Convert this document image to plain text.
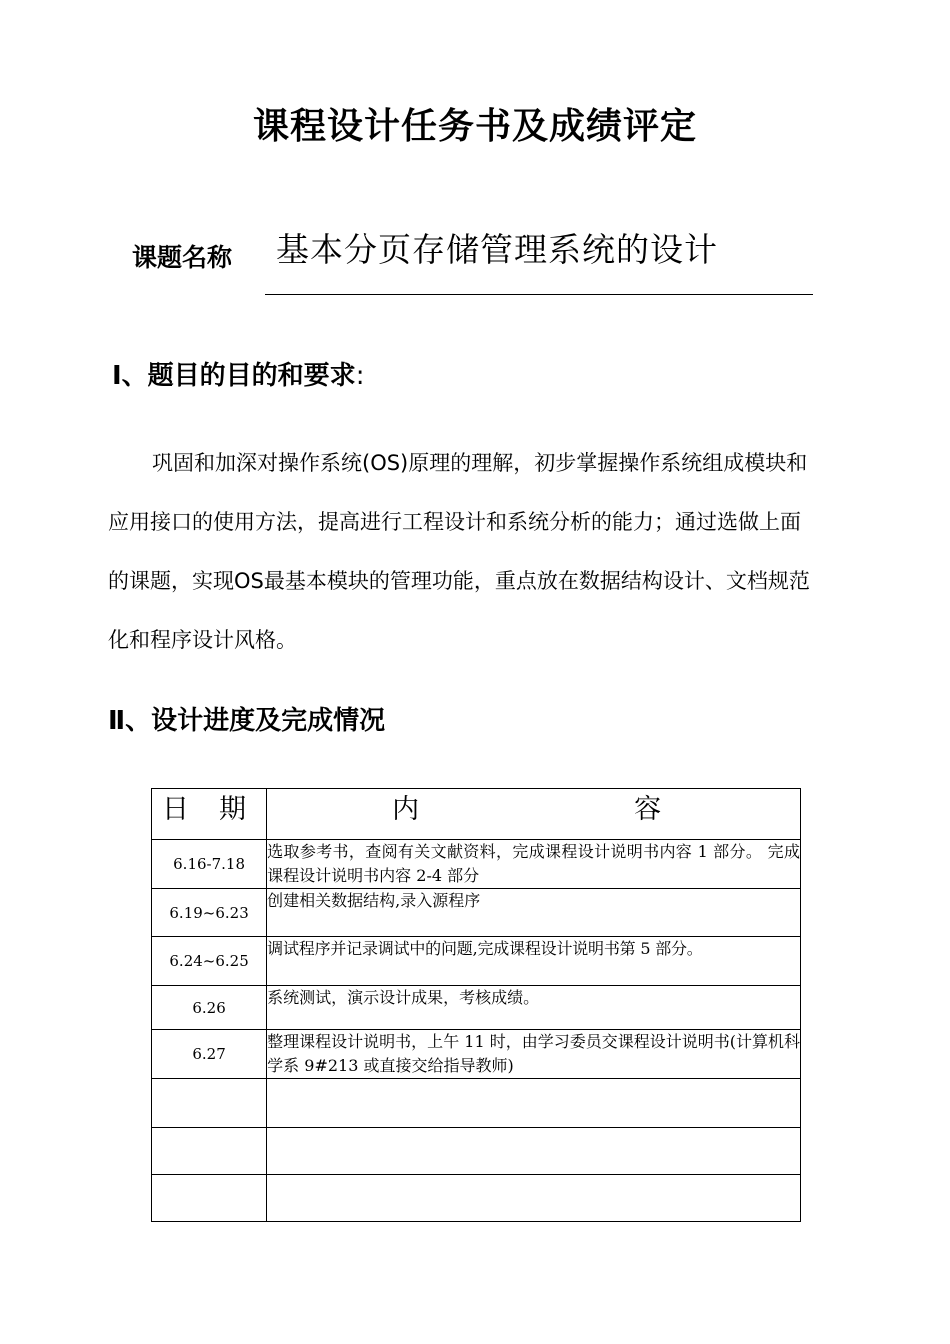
课程设计任务书及成绩评定
课题名称 基本分页存储管理系统的设计
Ⅰ、题目的目的和要求:
巩固和加深对操作系统(OS)原理的理解，初步掌握操作系统组成模块和
应用接口的使用方法，提高进行工程设计和系统分析的能力；通过选做上面
的课题，实现OS最基本模块的管理功能，重点放在数据结构设计、文档规范
化和程序设计风格。
Ⅱ、设计进度及完成情况
日 期	内 容

6.16-7.18	选取参考书，查阅有关文献资料，完成课程设计说明书内容 1 部分。 完成课程设计说明书内容 2-4 部分
6.19~6.23	创建相关数据结构,录入源程序
6.24~6.25	调试程序并记录调试中的问题,完成课程设计说明书第 5 部分。
6.26	系统测试，演示设计成果，考核成绩。
6.27	整理课程设计说明书，上午 11 时，由学习委员交课程设计说明书(计算机科学系 9#213 或直接交给指导教师)
